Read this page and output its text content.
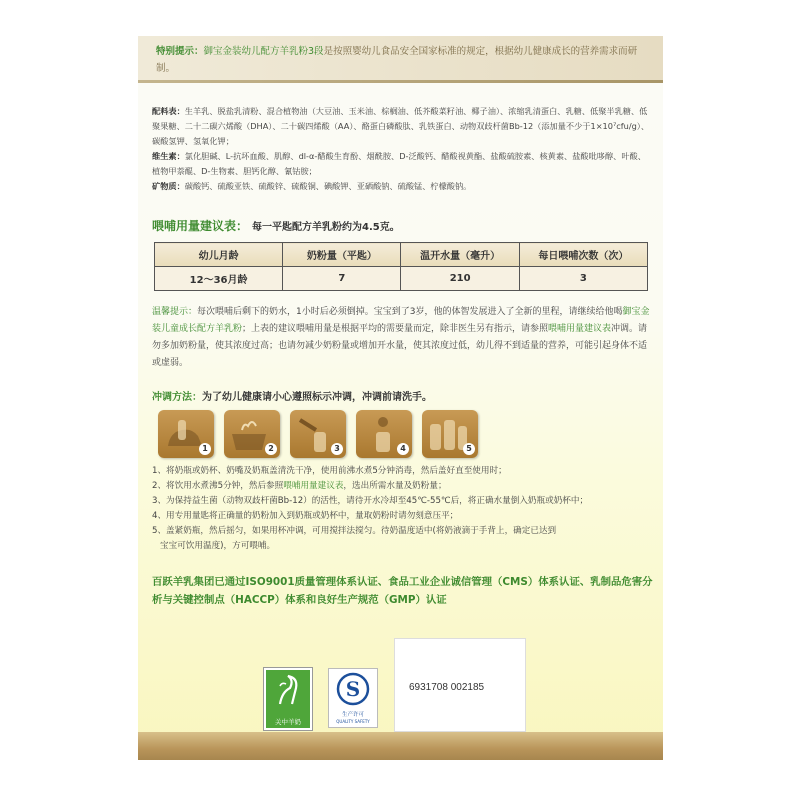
特别提示：御宝金装幼儿配方羊乳粉3段是按照婴幼儿食品安全国家标准的规定，根据幼儿健康成长的营养需求而研制。
配料表：生羊乳、脱盐乳清粉、混合植物油（大豆油、玉米油、棕榈油、低芥酸菜籽油、椰子油）、浓缩乳清蛋白、乳糖、低聚半乳糖、低聚果糖、二十二碳六烯酸（DHA）、二十碳四烯酸（AA）、酪蛋白磷酸肽、乳铁蛋白、动物双歧杆菌Bb-12（添加量不少于1×10⁷cfu/g）、碳酸氢钾、氢氧化钾；
维生素：氯化胆碱、L-抗坏血酸、肌醇、dl-α-醋酸生育酚、烟酰胺、D-泛酸钙、醋酸视黄酯、盐酸硫胺素、核黄素、盐酸吡哆醇、叶酸、植物甲萘醌、D-生物素、胆钙化醇、氰钴胺；
矿物质：碳酸钙、硫酸亚铁、硫酸锌、硫酸铜、碘酸钾、亚硒酸钠、硫酸锰、柠檬酸钠。
喂哺用量建议表： 每一平匙配方羊乳粉约为4.5克。
幼儿月龄	奶粉量（平匙）	温开水量（毫升）	每日喂哺次数（次）
12～36月龄	7	210	3
温馨提示：每次喂哺后剩下的奶水，1小时后必须倒掉。宝宝到了3岁，他的体智发展进入了全新的里程，请继续给他喝御宝金装儿童成长配方羊乳粉；上表的建议喂哺用量是根据平均的需要量而定，除非医生另有指示，请参照喂哺用量建议表冲调。请勿多加奶粉量，使其浓度过高；也请勿减少奶粉量或增加开水量，使其浓度过低，幼儿得不到适量的营养，可能引起身体不适或虚弱。
冲调方法：为了幼儿健康请小心遵照标示冲调，冲调前请洗手。
1	2	3	4	5
1、将奶瓶或奶杯、奶嘴及奶瓶盖清洗干净，使用前沸水煮5分钟消毒，然后盖好直至使用时；
2、将饮用水煮沸5分钟，然后参照喂哺用量建议表，选出所需水量及奶粉量；
3、为保持益生菌（动物双歧杆菌Bb-12）的活性，请待开水冷却至45℃-55℃后，将正确水量倒入奶瓶或奶杯中；
4、用专用量匙将正确量的奶粉加入到奶瓶或奶杯中，量取奶粉时请勿刻意压平；
5、盖紧奶瓶，然后摇匀，如果用杯冲调，可用搅拌法搅匀。待奶温度适中(将奶液滴于手背上，确定已达到
宝宝可饮用温度)，方可喂哺。
百跃羊乳集团已通过ISO9001质量管理体系认证、食品工业企业诚信管理（CMS）体系认证、乳制品危害分析与关键控制点（HACCP）体系和良好生产规范（GMP）认证
关中羊奶
S
生产许可
QUALITY SAFETY
6931708 002185
